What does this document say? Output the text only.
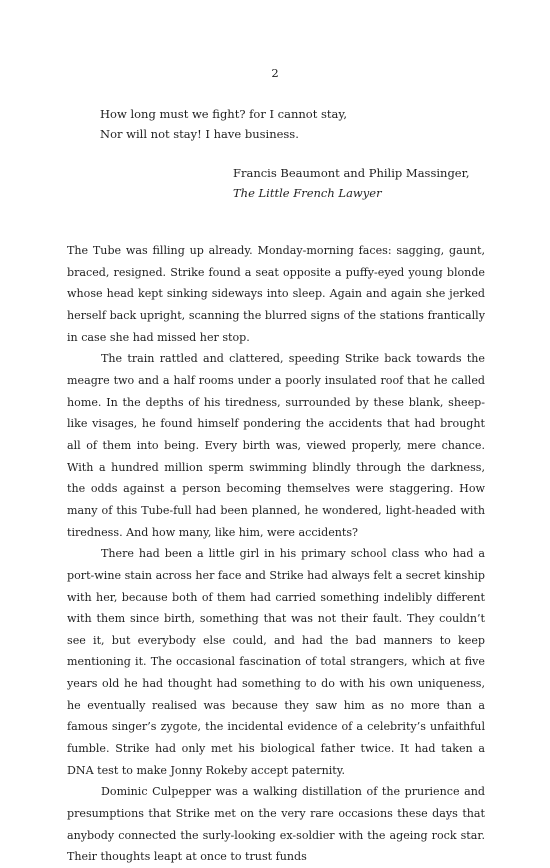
2
How long must we fight? for I cannot stay,
Nor will not stay! I have business.
Francis Beaumont and Philip Massinger,
The Little French Lawyer

The Tube was filling up already. Monday-morning faces: sagging, gaunt, braced, resigned. Strike found a seat opposite a puffy-eyed young blonde whose head kept sinking sideways into sleep. Again and again she jerked herself back upright, scanning the blurred signs of the stations frantically in case she had missed her stop.

The train rattled and clattered, speeding Strike back towards the meagre two and a half rooms under a poorly insulated roof that he called home. In the depths of his tiredness, surrounded by these blank, sheep-like visages, he found himself pondering the accidents that had brought all of them into being. Every birth was, viewed properly, mere chance. With a hundred million sperm swimming blindly through the darkness, the odds against a person becoming themselves were staggering. How many of this Tube-full had been planned, he wondered, light-headed with tiredness. And how many, like him, were accidents?

There had been a little girl in his primary school class who had a port-wine stain across her face and Strike had always felt a secret kinship with her, because both of them had carried something indelibly different with them since birth, something that was not their fault. They couldn’t see it, but everybody else could, and had the bad manners to keep mentioning it. The occasional fascination of total strangers, which at five years old he had thought had something to do with his own uniqueness, he eventually realised was because they saw him as no more than a famous singer’s zygote, the incidental evidence of a celebrity’s unfaithful fumble. Strike had only met his biological father twice. It had taken a DNA test to make Jonny Rokeby accept paternity.

Dominic Culpepper was a walking distillation of the prurience and presumptions that Strike met on the very rare occasions these days that anybody connected the surly-looking ex-soldier with the ageing rock star. Their thoughts leapt at once to trust funds
